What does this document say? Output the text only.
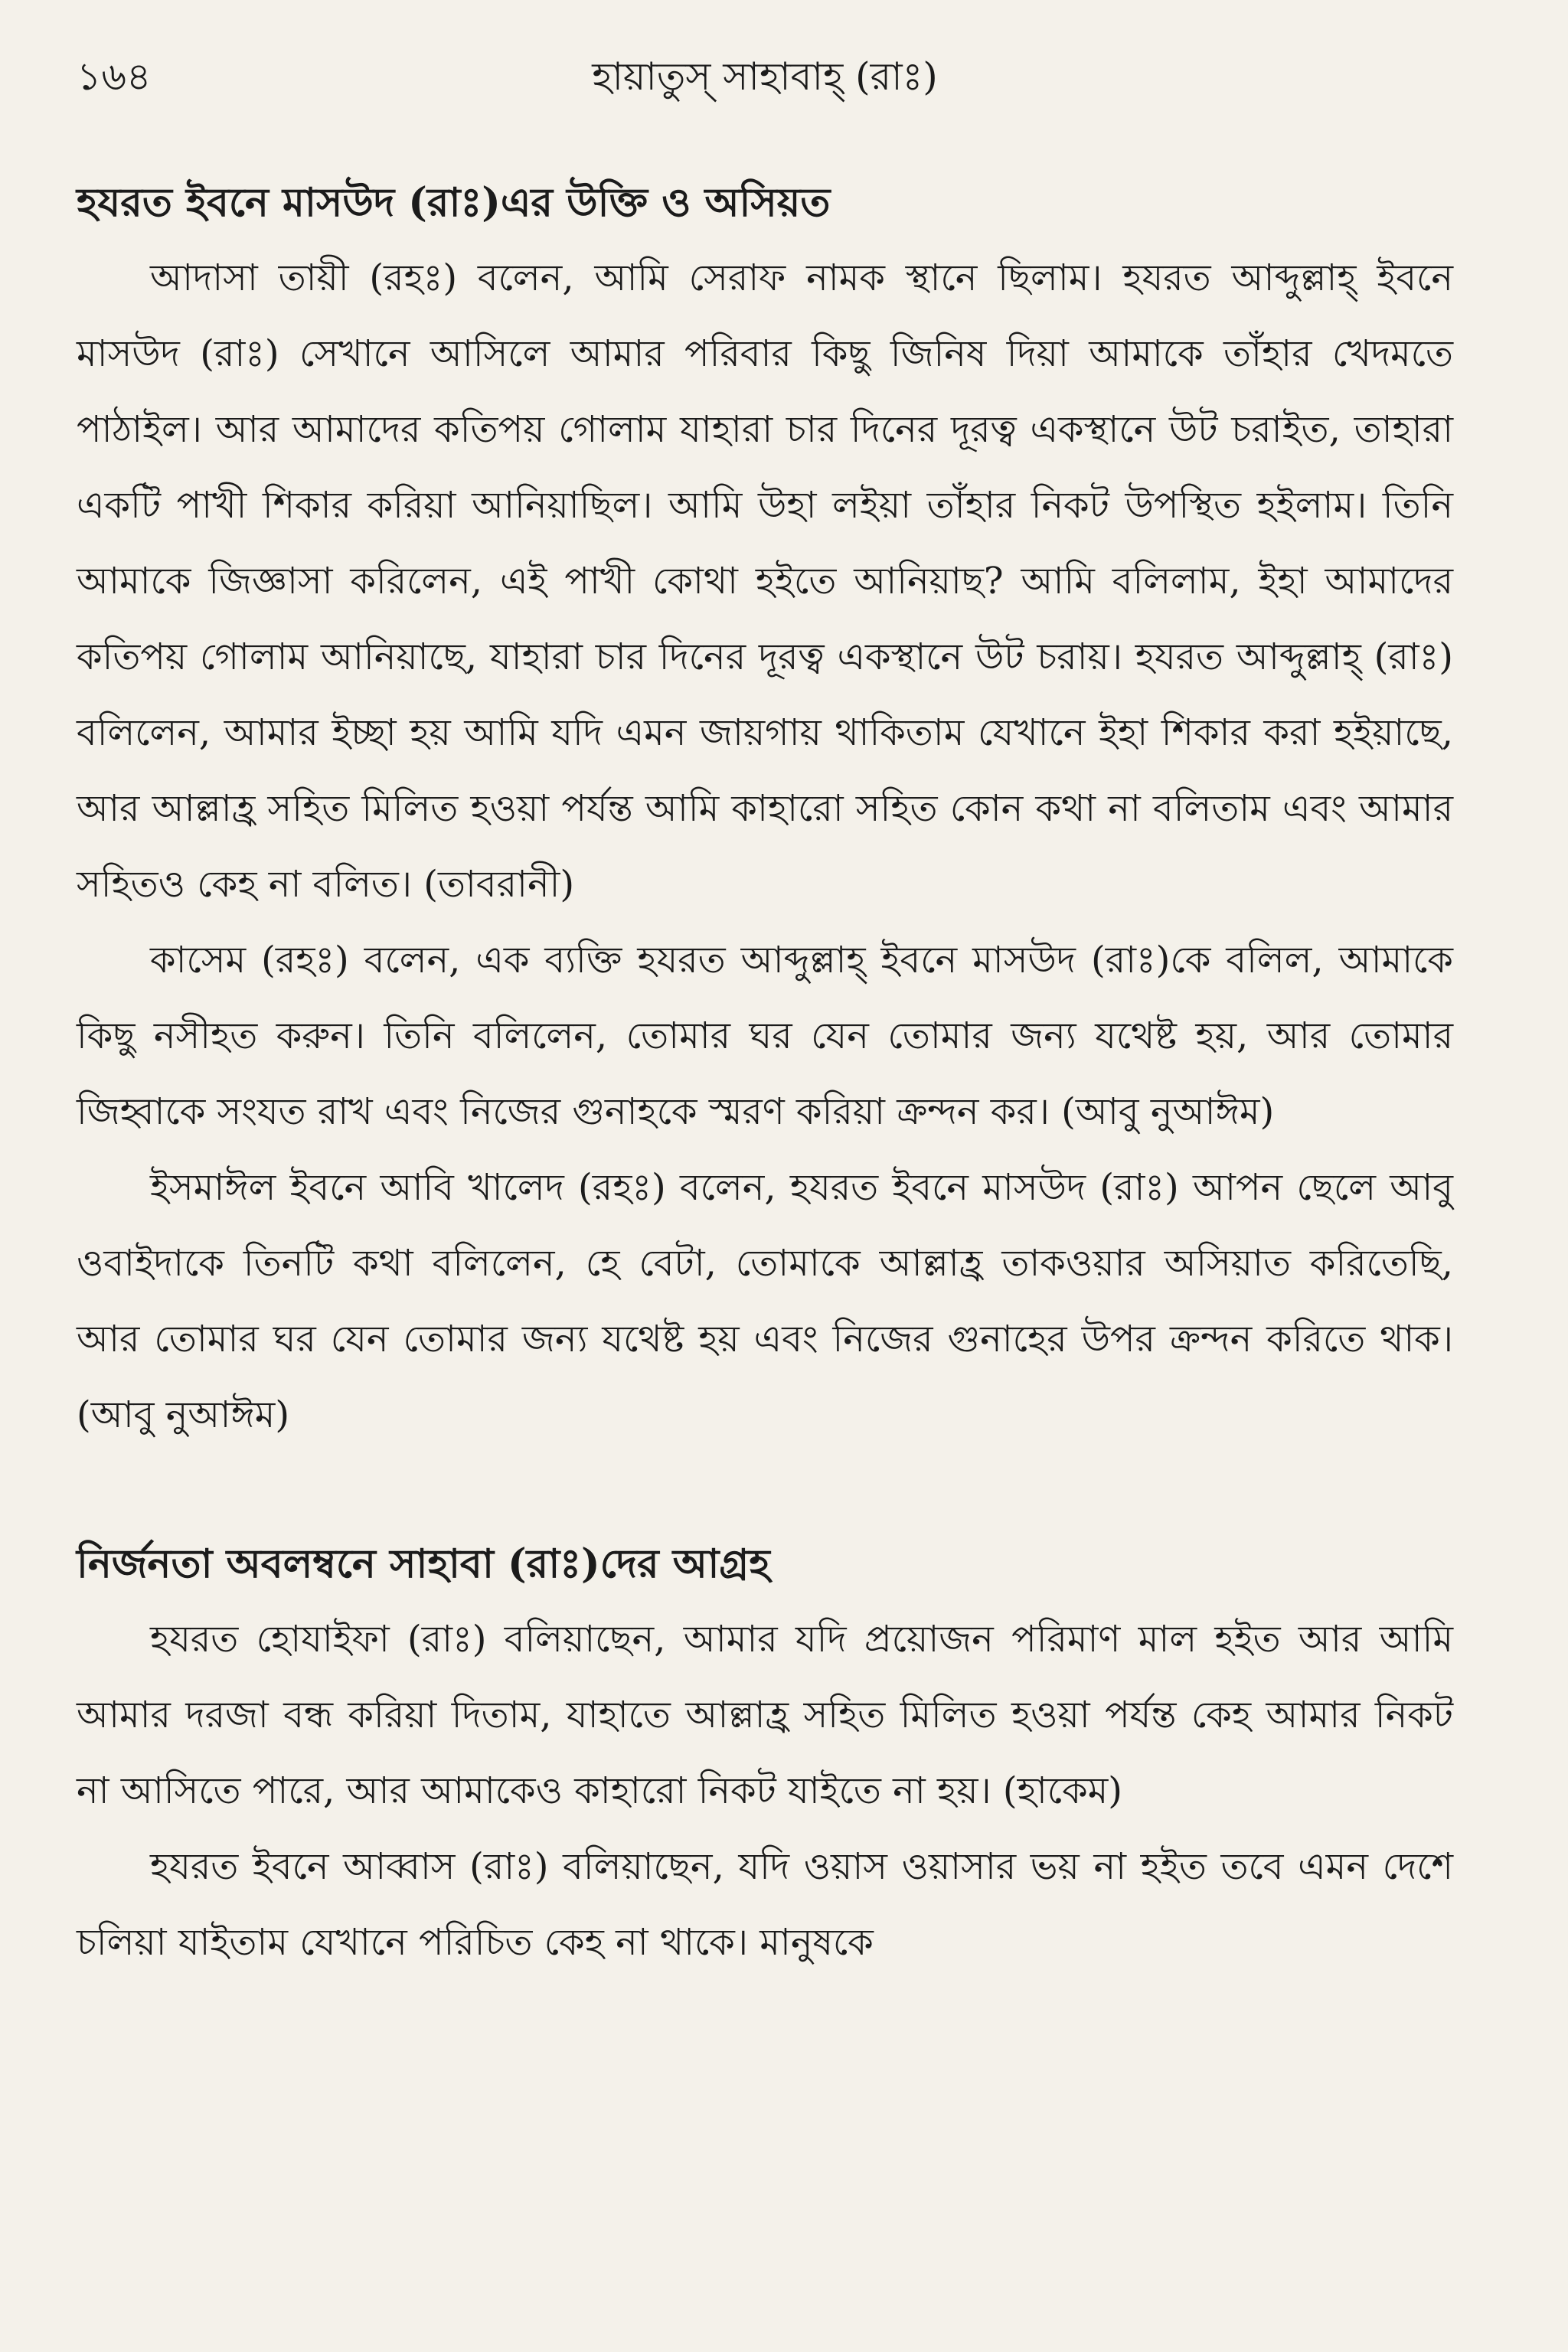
১৬৪	হায়াতুস্ সাহাবাহ্ (রাঃ)
হযরত ইবনে মাসউদ (রাঃ)এর উক্তি ও অসিয়ত

আদাসা তায়ী (রহঃ) বলেন, আমি সেরাফ নামক স্থানে ছিলাম। হযরত আব্দুল্লাহ্ ইবনে মাসউদ (রাঃ) সেখানে আসিলে আমার পরিবার কিছু জিনিষ দিয়া আমাকে তাঁহার খেদমতে পাঠাইল। আর আমাদের কতিপয় গোলাম যাহারা চার দিনের দূরত্ব একস্থানে উট চরাইত, তাহারা একটি পাখী শিকার করিয়া আনিয়াছিল। আমি উহা লইয়া তাঁহার নিকট উপস্থিত হইলাম। তিনি আমাকে জিজ্ঞাসা করিলেন, এই পাখী কোথা হইতে আনিয়াছ? আমি বলিলাম, ইহা আমাদের কতিপয় গোলাম আনিয়াছে, যাহারা চার দিনের দূরত্ব একস্থানে উট চরায়। হযরত আব্দুল্লাহ্ (রাঃ) বলিলেন, আমার ইচ্ছা হয় আমি যদি এমন জায়গায় থাকিতাম যেখানে ইহা শিকার করা হইয়াছে, আর আল্লাহ্র সহিত মিলিত হওয়া পর্যন্ত আমি কাহারো সহিত কোন কথা না বলিতাম এবং আমার সহিতও কেহ না বলিত। (তাবরানী)

কাসেম (রহঃ) বলেন, এক ব্যক্তি হযরত আব্দুল্লাহ্ ইবনে মাসউদ (রাঃ)কে বলিল, আমাকে কিছু নসীহত করুন। তিনি বলিলেন, তোমার ঘর যেন তোমার জন্য যথেষ্ট হয়, আর তোমার জিহ্বাকে সংযত রাখ এবং নিজের গুনাহকে স্মরণ করিয়া ক্রন্দন কর। (আবু নুআঈম)

ইসমাঈল ইবনে আবি খালেদ (রহঃ) বলেন, হযরত ইবনে মাসউদ (রাঃ) আপন ছেলে আবু ওবাইদাকে তিনটি কথা বলিলেন, হে বেটা, তোমাকে আল্লাহ্র তাকওয়ার অসিয়াত করিতেছি, আর তোমার ঘর যেন তোমার জন্য যথেষ্ট হয় এবং নিজের গুনাহের উপর ক্রন্দন করিতে থাক। (আবু নুআঈম)

নির্জনতা অবলম্বনে সাহাবা (রাঃ)দের আগ্রহ

হযরত হোযাইফা (রাঃ) বলিয়াছেন, আমার যদি প্রয়োজন পরিমাণ মাল হইত আর আমি আমার দরজা বন্ধ করিয়া দিতাম, যাহাতে আল্লাহ্র সহিত মিলিত হওয়া পর্যন্ত কেহ আমার নিকট না আসিতে পারে, আর আমাকেও কাহারো নিকট যাইতে না হয়। (হাকেম)

হযরত ইবনে আব্বাস (রাঃ) বলিয়াছেন, যদি ওয়াস ওয়াসার ভয় না হইত তবে এমন দেশে চলিয়া যাইতাম যেখানে পরিচিত কেহ না থাকে। মানুষকে
